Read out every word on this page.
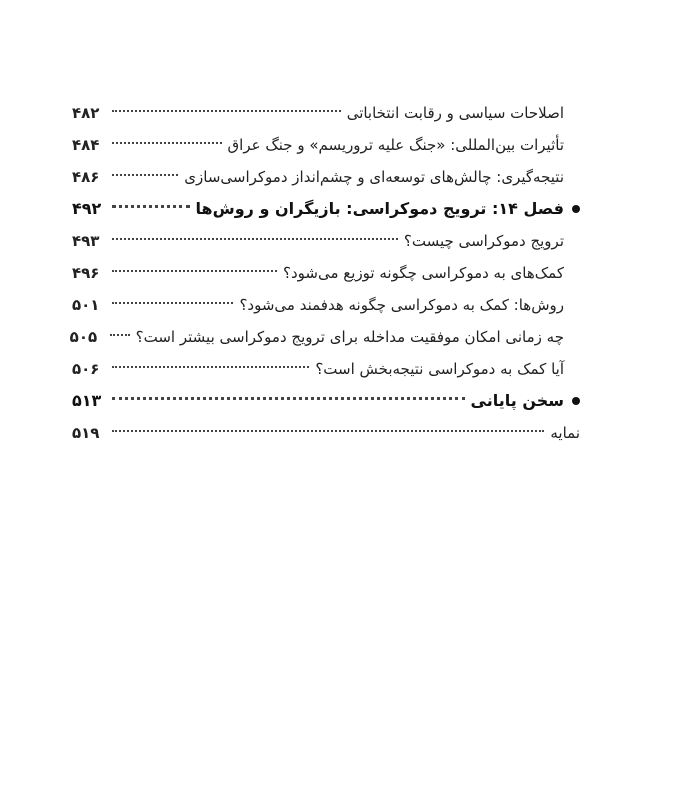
اصلاحات سیاسی و رقابت انتخاباتی
۴۸۲
تأثیرات بین‌المللی: «جنگ علیه تروریسم» و جنگ عراق
۴۸۴
نتیجه‌گیری: چالش‌های توسعه‌ای و چشم‌انداز دموکراسی‌سازی
۴۸۶
فصل ۱۴: ترویج دموکراسی: بازیگران و روش‌ها
۴۹۲
ترویج دموکراسی چیست؟
۴۹۳
کمک‌های به دموکراسی چگونه توزیع می‌شود؟
۴۹۶
روش‌ها: کمک به دموکراسی چگونه هدفمند می‌شود؟
۵۰۱
چه زمانی امکان موفقیت مداخله برای ترویج دموکراسی بیشتر است؟
۵۰۵
آیا کمک به دموکراسی نتیجه‌بخش است؟
۵۰۶
سخن پایانی
۵۱۳
نمایه
۵۱۹
